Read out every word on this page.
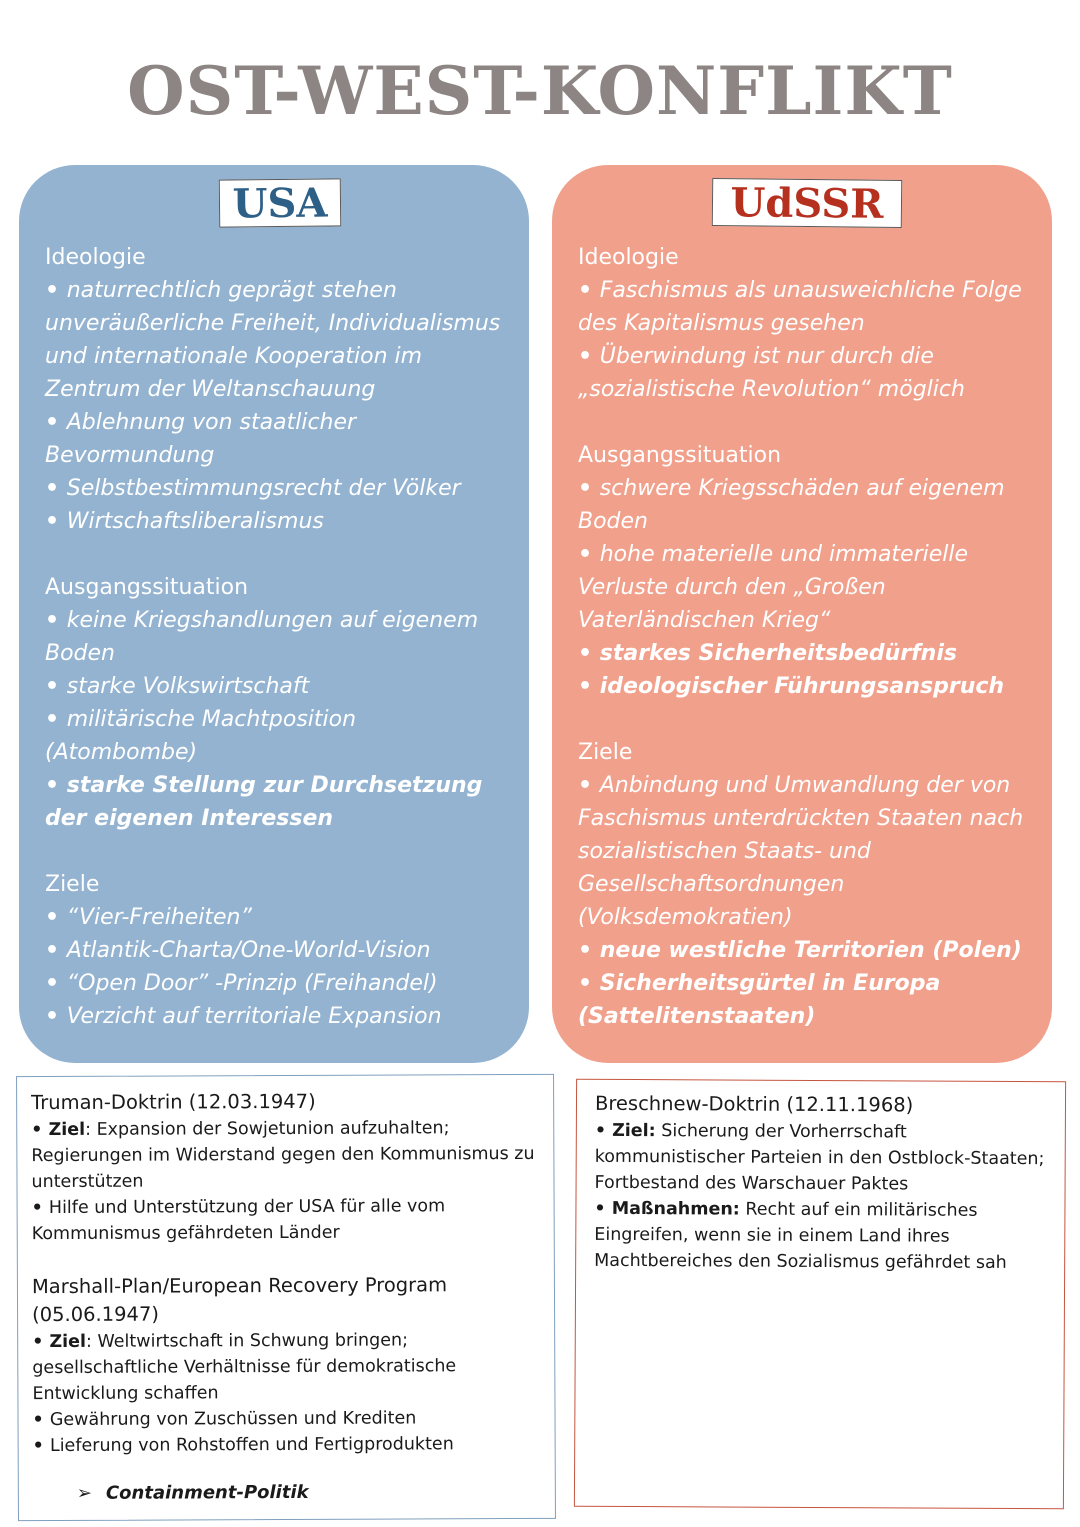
OST-WEST-KONFLIKT
USA
Ideologie
• naturrechtlich geprägt stehen unveräußerliche Freiheit, Individualismus und internationale Kooperation im Zentrum der Weltanschauung
• Ablehnung von staatlicher Bevormundung
• Selbstbestimmungsrecht der Völker
• Wirtschaftsliberalismus
Ausgangssituation
• keine Kriegshandlungen auf eigenem Boden
• starke Volkswirtschaft
• militärische Machtposition (Atombombe)
• starke Stellung zur Durchsetzung der eigenen Interessen
Ziele
• “Vier-Freiheiten”
• Atlantik-Charta/One-World-Vision
• “Open Door” -Prinzip (Freihandel)
• Verzicht auf territoriale Expansion
UdSSR
Ideologie
• Faschismus als unausweichliche Folge des Kapitalismus gesehen
• Überwindung ist nur durch die „sozialistische Revolution“ möglich
Ausgangssituation
• schwere Kriegsschäden auf eigenem Boden
• hohe materielle und immaterielle Verluste durch den „Großen Vaterländischen Krieg“
• starkes Sicherheitsbedürfnis
• ideologischer Führungsanspruch
Ziele
• Anbindung und Umwandlung der von Faschismus unterdrückten Staaten nach sozialistischen Staats- und Gesellschaftsordnungen (Volksdemokratien)
• neue westliche Territorien (Polen)
• Sicherheitsgürtel in Europa (Sattelitenstaaten)
Truman-Doktrin (12.03.1947)
• Ziel: Expansion der Sowjetunion aufzuhalten; Regierungen im Widerstand gegen den Kommunismus zu unterstützen
• Hilfe und Unterstützung der USA für alle vom Kommunismus gefährdeten Länder
Marshall-Plan/European Recovery Program (05.06.1947)
• Ziel: Weltwirtschaft in Schwung bringen; gesellschaftliche Verhältnisse für demokratische Entwicklung schaffen
• Gewährung von Zuschüssen und Krediten
• Lieferung von Rohstoffen und Fertigprodukten
➢ Containment-Politik
Breschnew-Doktrin (12.11.1968)
• Ziel: Sicherung der Vorherrschaft kommunistischer Parteien in den Ostblock-Staaten; Fortbestand des Warschauer Paktes
• Maßnahmen: Recht auf ein militärisches Eingreifen, wenn sie in einem Land ihres Machtbereiches den Sozialismus gefährdet sah
